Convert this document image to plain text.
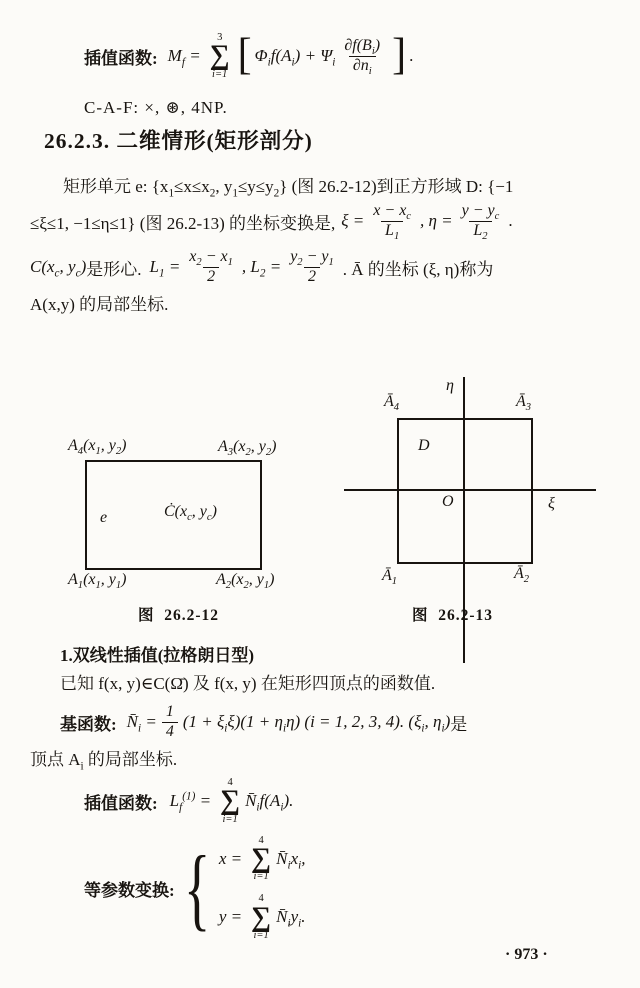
插值函数: $M_f$ =
3
∑
i=1 [ $\Phi_if(A_i) + \Psi_i \frac{\partial f(B_i)}{\partial n_i}$ ] .
C-A-F: ×, ⊛, 4NP.
26.2.3. 二维情形(矩形剖分)
矩形单元 e: {$x_1\le x\le x_2$, $y_1\le y\le y_2$} (图 26.2-12)到正方形域 D: {−1
≤ξ≤1, −1≤η≤1} (图 26.2-13) 的坐标变换是, $\xi = \frac{x - x_c}{L_1}$ , $\eta = \frac{y - y_c}{L_2}$ .
$C(x_c$, $y_c$) 是形心. $L_1 = \frac{x_2 - x_1}{2}$ , $L_2 = \frac{y_2 - y_1}{2}$ . Ā 的坐标 (ξ, η)称为
A(x,y) 的局部坐标.
$A_4(x_1$, $y_2$)	$A_3(x_2$, $y_2$)
e	$Ċ(x_c$, $y_c$)
$A_1(x_1$, $y_1$)	$A_2(x_2$, $y_1$)
图  26.2-12
η
$Ā_4$	$Ā_3$
D
O	ξ
$Ā_1$	$Ā_2$
图  26.2-13
1.双线性插值(拉格朗日型)
已知 f(x, y)∈C(Ω̄) 及 f(x, y) 在矩形四顶点的函数值.
基函数: $N̄_i = \frac{1}{4} (1 + \xi_i\xi)(1 + \eta_i\eta) (i = 1$, 2, 3, 4). ($\xi_i$, $\eta_i$) 是
顶点 $A_i$ 的局部坐标.
插值函数: $L_f^{(1)}$ =
4
∑
i=1
$N̄_if(A_i)$.
等参数变换: { x =
4
∑
i=1
$N̄_ix_i$,
y =
4
∑
i=1
$N̄_iy_i$.
· 973 ·
